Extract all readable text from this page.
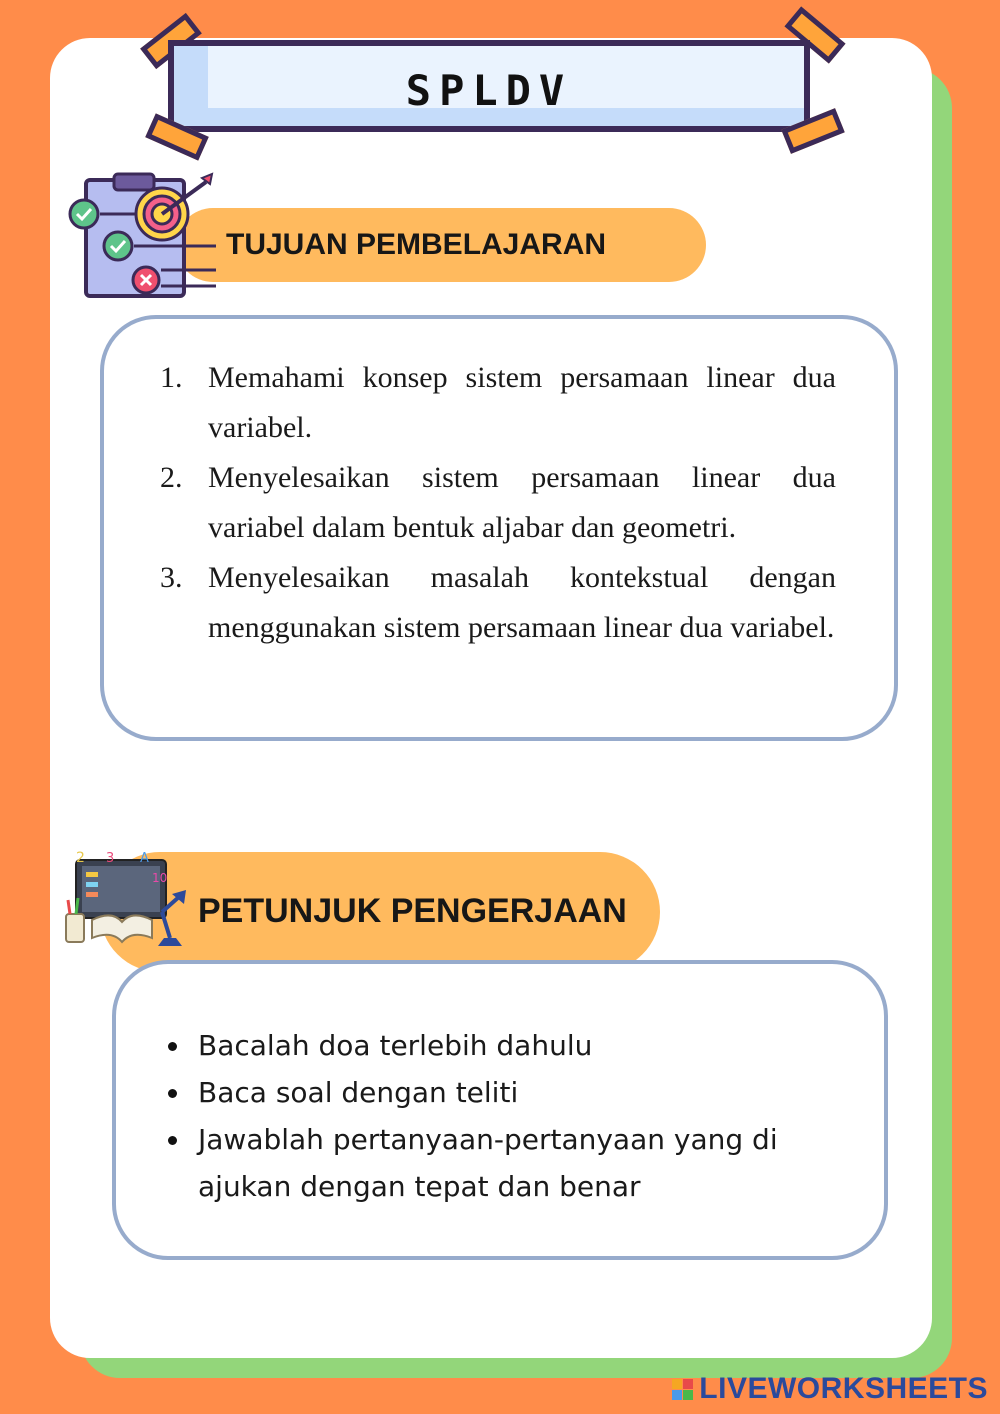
SPLDV
TUJUAN PEMBELAJARAN
1. Memahami konsep sistem persamaan linear dua variabel.
2. Menyelesaikan sistem persamaan linear dua variabel dalam bentuk aljabar dan geometri.
3. Menyelesaikan masalah kontekstual dengan menggunakan sistem persamaan linear dua variabel.
2 3 A
10
PETUNJUK PENGERJAAN
Bacalah doa terlebih dahulu
Baca soal dengan teliti
Jawablah pertanyaan-pertanyaan yang di ajukan dengan tepat dan benar
LIVEWORKSHEETS
